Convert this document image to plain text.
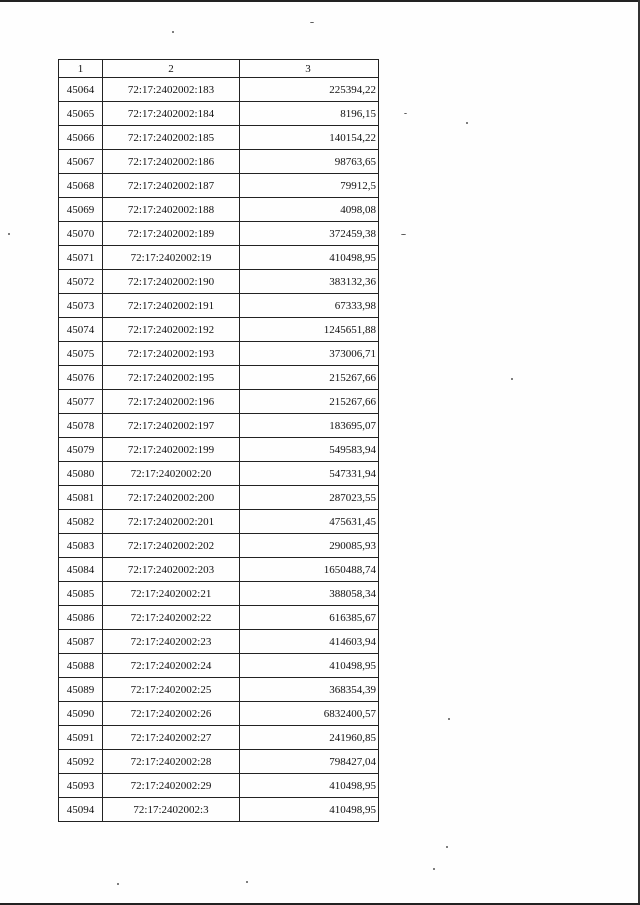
1	2	3
45064	72:17:2402002:183	225394,22
45065	72:17:2402002:184	8196,15
45066	72:17:2402002:185	140154,22
45067	72:17:2402002:186	98763,65
45068	72:17:2402002:187	79912,5
45069	72:17:2402002:188	4098,08
45070	72:17:2402002:189	372459,38
45071	72:17:2402002:19	410498,95
45072	72:17:2402002:190	383132,36
45073	72:17:2402002:191	67333,98
45074	72:17:2402002:192	1245651,88
45075	72:17:2402002:193	373006,71
45076	72:17:2402002:195	215267,66
45077	72:17:2402002:196	215267,66
45078	72:17:2402002:197	183695,07
45079	72:17:2402002:199	549583,94
45080	72:17:2402002:20	547331,94
45081	72:17:2402002:200	287023,55
45082	72:17:2402002:201	475631,45
45083	72:17:2402002:202	290085,93
45084	72:17:2402002:203	1650488,74
45085	72:17:2402002:21	388058,34
45086	72:17:2402002:22	616385,67
45087	72:17:2402002:23	414603,94
45088	72:17:2402002:24	410498,95
45089	72:17:2402002:25	368354,39
45090	72:17:2402002:26	6832400,57
45091	72:17:2402002:27	241960,85
45092	72:17:2402002:28	798427,04
45093	72:17:2402002:29	410498,95
45094	72:17:2402002:3	410498,95
